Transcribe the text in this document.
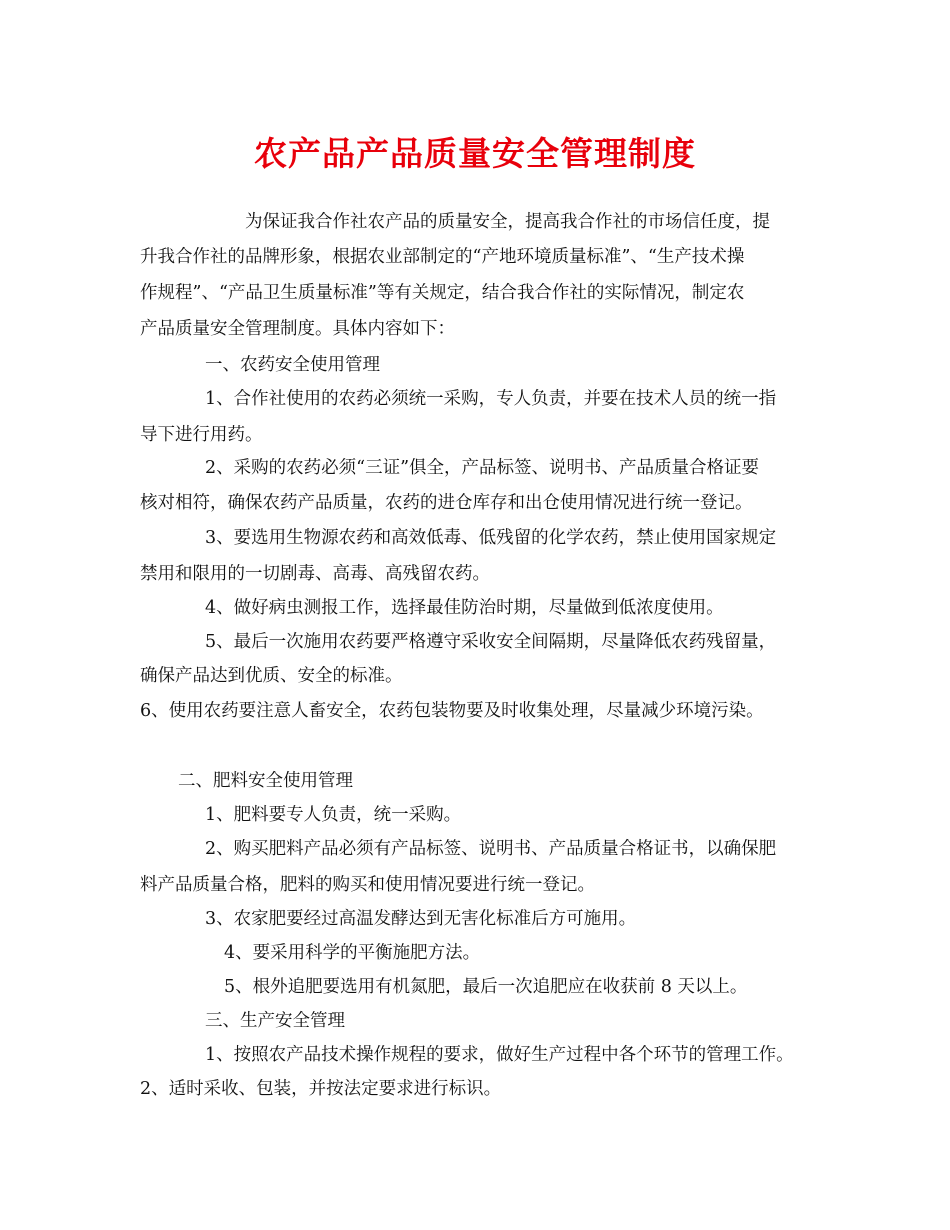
农产品产品质量安全管理制度
为保证我合作社农产品的质量安全，提高我合作社的市场信任度，提
升我合作社的品牌形象，根据农业部制定的“产地环境质量标准”、“生产技术操
作规程”、“产品卫生质量标准”等有关规定，结合我合作社的实际情况，制定农
产品质量安全管理制度。具体内容如下：
一、农药安全使用管理
1、合作社使用的农药必须统一采购，专人负责，并要在技术人员的统一指
导下进行用药。
2、采购的农药必须“三证”俱全，产品标签、说明书、产品质量合格证要
核对相符，确保农药产品质量，农药的进仓库存和出仓使用情况进行统一登记。
3、要选用生物源农药和高效低毒、低残留的化学农药，禁止使用国家规定
禁用和限用的一切剧毒、高毒、高残留农药。
4、做好病虫测报工作，选择最佳防治时期，尽量做到低浓度使用。
5、最后一次施用农药要严格遵守采收安全间隔期，尽量降低农药残留量，
确保产品达到优质、安全的标准。
6、使用农药要注意人畜安全，农药包装物要及时收集处理，尽量减少环境污染。
二、肥料安全使用管理
1、肥料要专人负责，统一采购。
2、购买肥料产品必须有产品标签、说明书、产品质量合格证书，以确保肥
料产品质量合格，肥料的购买和使用情况要进行统一登记。
3、农家肥要经过高温发酵达到无害化标准后方可施用。
4、要采用科学的平衡施肥方法。
5、根外追肥要选用有机氮肥，最后一次追肥应在收获前 8 天以上。
三、生产安全管理
1、按照农产品技术操作规程的要求，做好生产过程中各个环节的管理工作。
2、适时采收、包装，并按法定要求进行标识。
